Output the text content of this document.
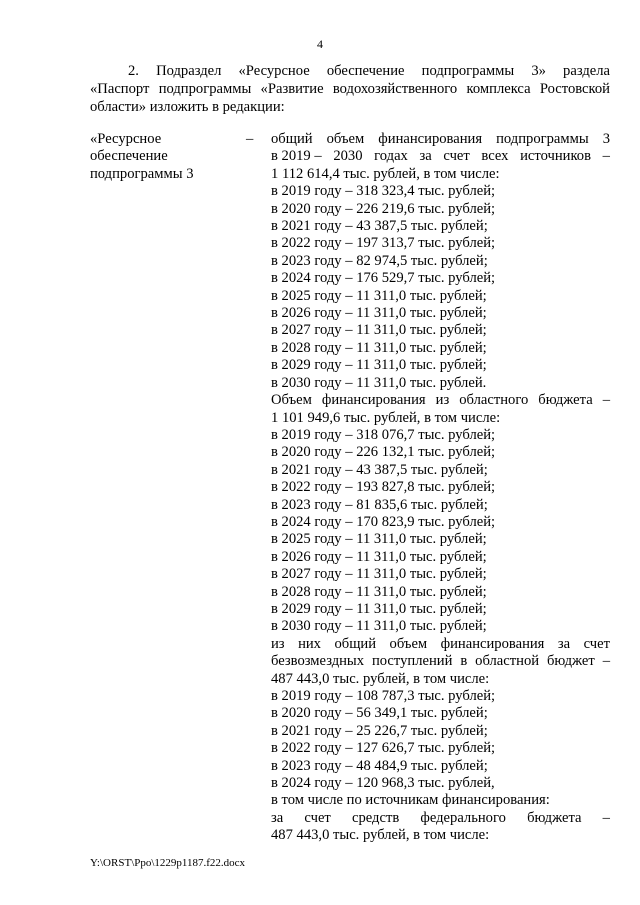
4
2. Подраздел «Ресурсное обеспечение подпрограммы 3» раздела
«Паспорт подпрограммы «Развитие водохозяйственного комплекса Ростовской
области» изложить в редакции:
«Ресурсное
обеспечение
подпрограммы 3
– общий объем финансирования подпрограммы 3
в 2019 – 2030 годах за счет всех источников –
1 112 614,4 тыс. рублей, в том числе:
в 2019 году – 318 323,4 тыс. рублей;
в 2020 году – 226 219,6 тыс. рублей;
в 2021 году – 43 387,5 тыс. рублей;
в 2022 году – 197 313,7 тыс. рублей;
в 2023 году – 82 974,5 тыс. рублей;
в 2024 году – 176 529,7 тыс. рублей;
в 2025 году – 11 311,0 тыс. рублей;
в 2026 году – 11 311,0 тыс. рублей;
в 2027 году – 11 311,0 тыс. рублей;
в 2028 году – 11 311,0 тыс. рублей;
в 2029 году – 11 311,0 тыс. рублей;
в 2030 году – 11 311,0 тыс. рублей.
Объем финансирования из областного бюджета –
1 101 949,6 тыс. рублей, в том числе:
в 2019 году – 318 076,7 тыс. рублей;
в 2020 году – 226 132,1 тыс. рублей;
в 2021 году – 43 387,5 тыс. рублей;
в 2022 году – 193 827,8 тыс. рублей;
в 2023 году – 81 835,6 тыс. рублей;
в 2024 году – 170 823,9 тыс. рублей;
в 2025 году – 11 311,0 тыс. рублей;
в 2026 году – 11 311,0 тыс. рублей;
в 2027 году – 11 311,0 тыс. рублей;
в 2028 году – 11 311,0 тыс. рублей;
в 2029 году – 11 311,0 тыс. рублей;
в 2030 году – 11 311,0 тыс. рублей;
из них общий объем финансирования за счет
безвозмездных поступлений в областной бюджет –
487 443,0 тыс. рублей, в том числе:
в 2019 году – 108 787,3 тыс. рублей;
в 2020 году – 56 349,1 тыс. рублей;
в 2021 году – 25 226,7 тыс. рублей;
в 2022 году – 127 626,7 тыс. рублей;
в 2023 году – 48 484,9 тыс. рублей;
в 2024 году – 120 968,3 тыс. рублей,
в том числе по источникам финансирования:
за счет средств федерального бюджета –
487 443,0 тыс. рублей, в том числе:
Y:\ORST\Ppo\1229p1187.f22.docx
